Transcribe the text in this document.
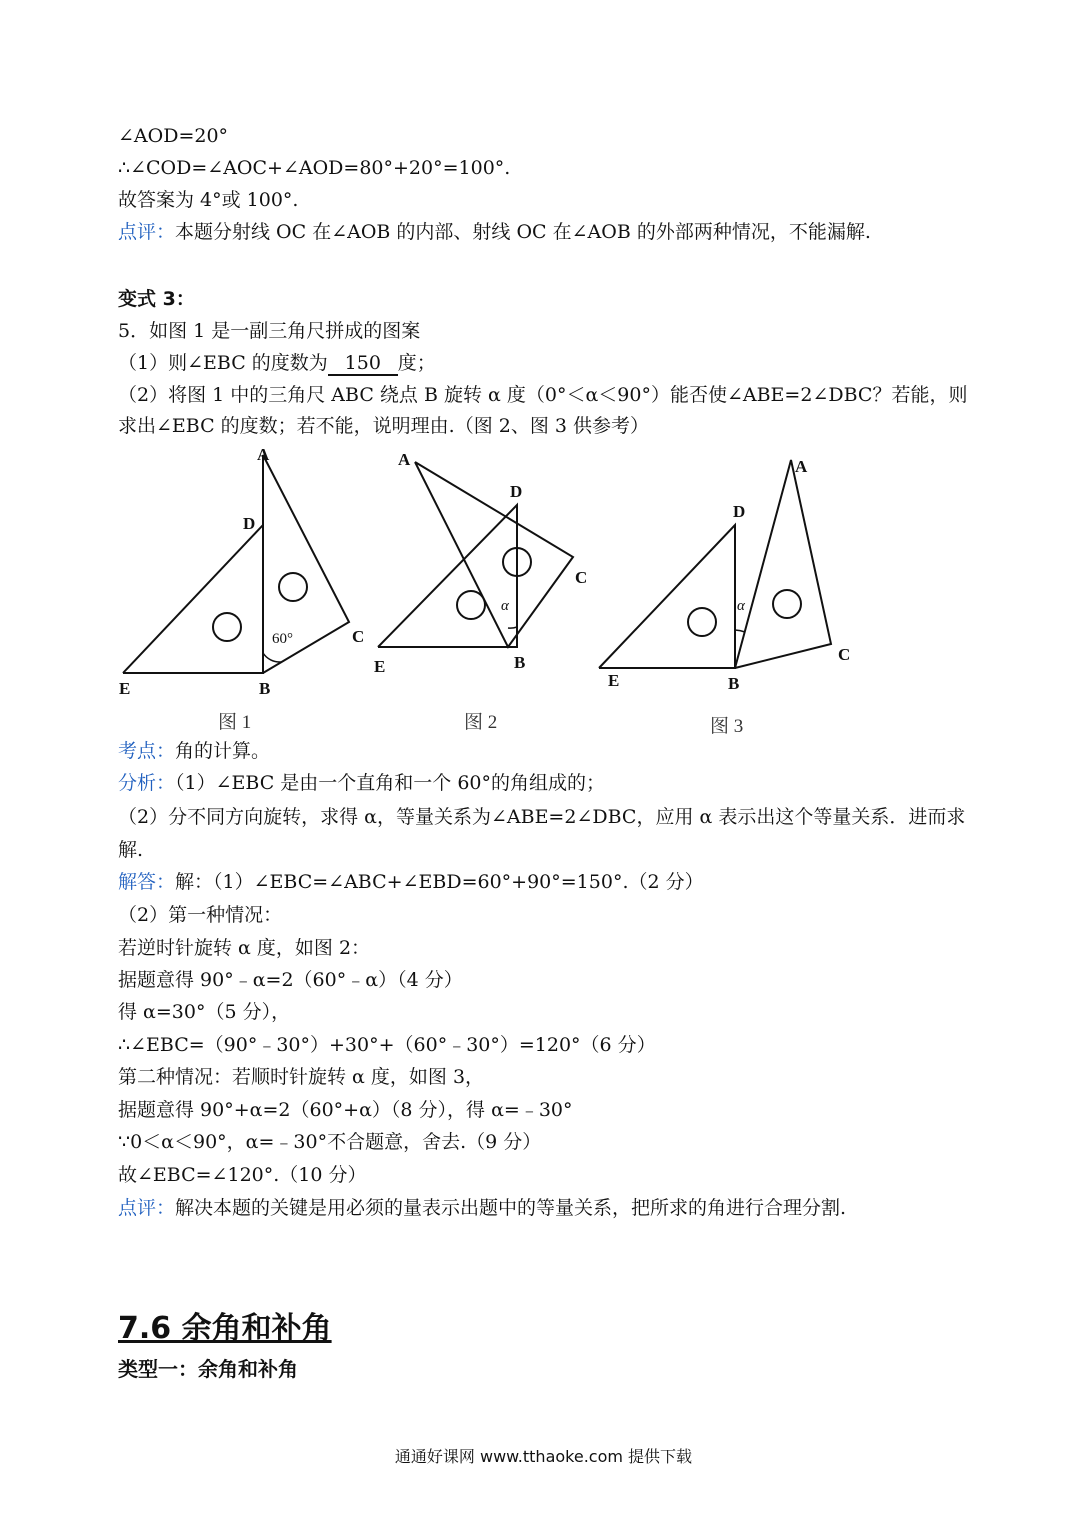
∠AOD=20°
∴∠COD=∠AOC+∠AOD=80°+20°=100°.
故答案为 4°或 100°.
点评：本题分射线 OC 在∠AOB 的内部、射线 OC 在∠AOB 的外部两种情况，不能漏解.
变式 3：
5．如图 1 是一副三角尺拼成的图案
（1）则∠EBC 的度数为 150 度；
（2）将图 1 中的三角尺 ABC 绕点 B 旋转 α 度（0°＜α＜90°）能否使∠ABE=2∠DBC？若能，则求出∠EBC 的度数；若不能，说明理由.（图 2、图 3 供参考）
A
D
C
E	B
60°
A
D
C
E	B
α
A
D
C
E	B
α
图 1	图 2	图 3
考点：角的计算。
分析：（1）∠EBC 是由一个直角和一个 60°的角组成的；
（2）分不同方向旋转，求得 α，等量关系为∠ABE=2∠DBC，应用 α 表示出这个等量关系．进而求解.
解答：解：（1）∠EBC=∠ABC+∠EBD=60°+90°=150°.（2 分）
（2）第一种情况：
若逆时针旋转 α 度，如图 2：
据题意得 90°﹣α=2（60°﹣α）（4 分）
得 α=30°（5 分），
∴∠EBC=（90°﹣30°）+30°+（60°﹣30°）=120°（6 分）
第二种情况：若顺时针旋转 α 度，如图 3，
据题意得 90°+α=2（60°+α）（8 分），得 α=﹣30°
∵0＜α＜90°，α=﹣30°不合题意，舍去.（9 分）
故∠EBC=∠120°.（10 分）
点评：解决本题的关键是用必须的量表示出题中的等量关系，把所求的角进行合理分割.
7.6 余角和补角
类型一：余角和补角
通通好课网 www.tthaoke.com 提供下载
